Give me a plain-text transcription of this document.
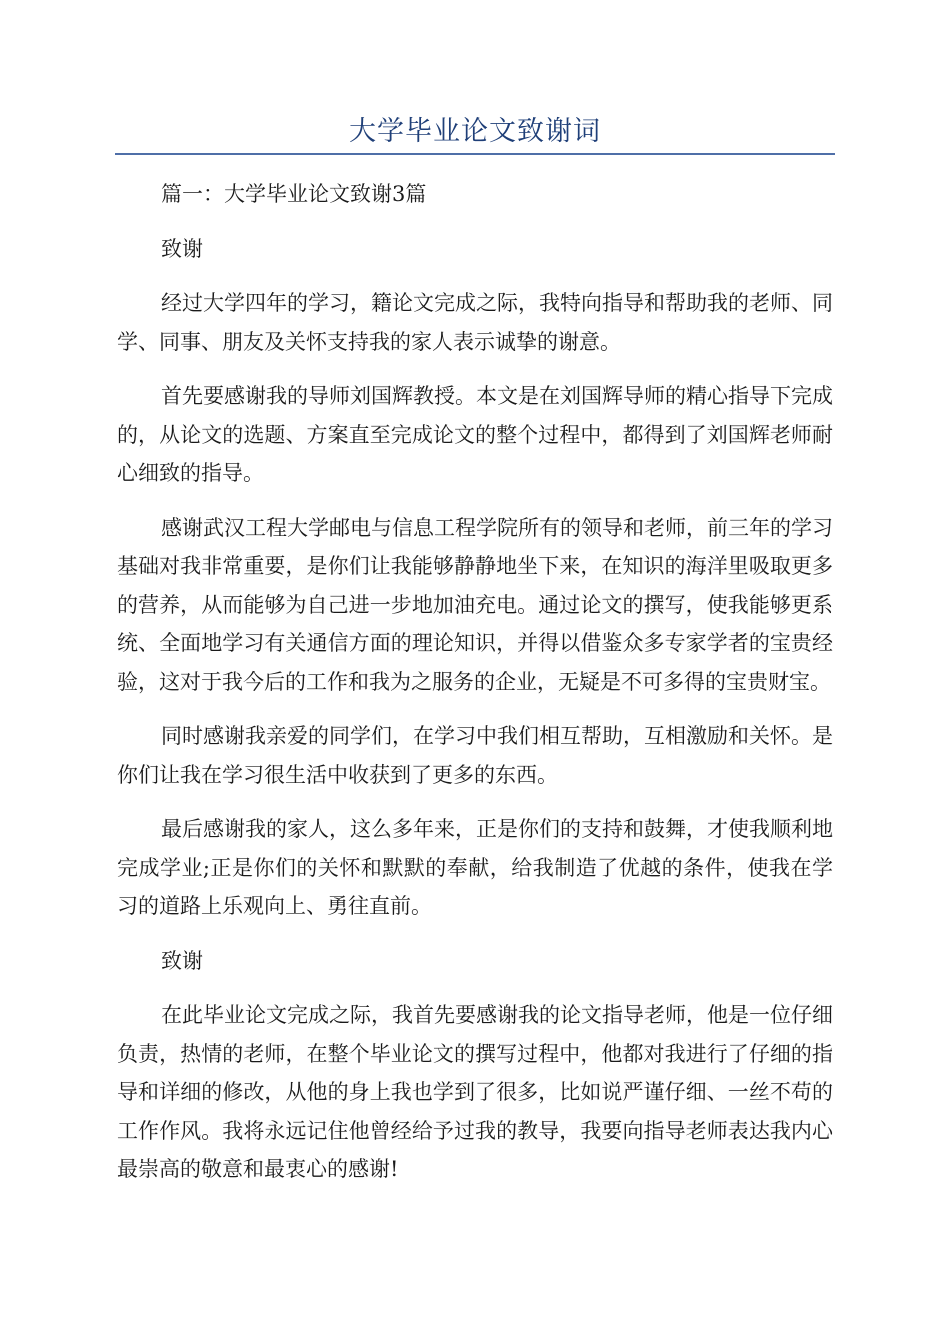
大学毕业论文致谢词

篇一：大学毕业论文致谢3篇

致谢

经过大学四年的学习，籍论文完成之际，我特向指导和帮助我的老师、同学、同事、朋友及关怀支持我的家人表示诚挚的谢意。

首先要感谢我的导师刘国辉教授。本文是在刘国辉导师的精心指导下完成的，从论文的选题、方案直至完成论文的整个过程中，都得到了刘国辉老师耐心细致的指导。

感谢武汉工程大学邮电与信息工程学院所有的领导和老师，前三年的学习基础对我非常重要，是你们让我能够静静地坐下来，在知识的海洋里吸取更多的营养，从而能够为自己进一步地加油充电。通过论文的撰写，使我能够更系统、全面地学习有关通信方面的理论知识，并得以借鉴众多专家学者的宝贵经验，这对于我今后的工作和我为之服务的企业，无疑是不可多得的宝贵财宝。

同时感谢我亲爱的同学们，在学习中我们相互帮助，互相激励和关怀。是你们让我在学习很生活中收获到了更多的东西。

最后感谢我的家人，这么多年来，正是你们的支持和鼓舞，才使我顺利地完成学业;正是你们的关怀和默默的奉献，给我制造了优越的条件，使我在学习的道路上乐观向上、勇往直前。

致谢

在此毕业论文完成之际，我首先要感谢我的论文指导老师，他是一位仔细负责，热情的老师，在整个毕业论文的撰写过程中，他都对我进行了仔细的指导和详细的修改，从他的身上我也学到了很多，比如说严谨仔细、一丝不苟的工作作风。我将永远记住他曾经给予过我的教导，我要向指导老师表达我内心最崇高的敬意和最衷心的感谢!
